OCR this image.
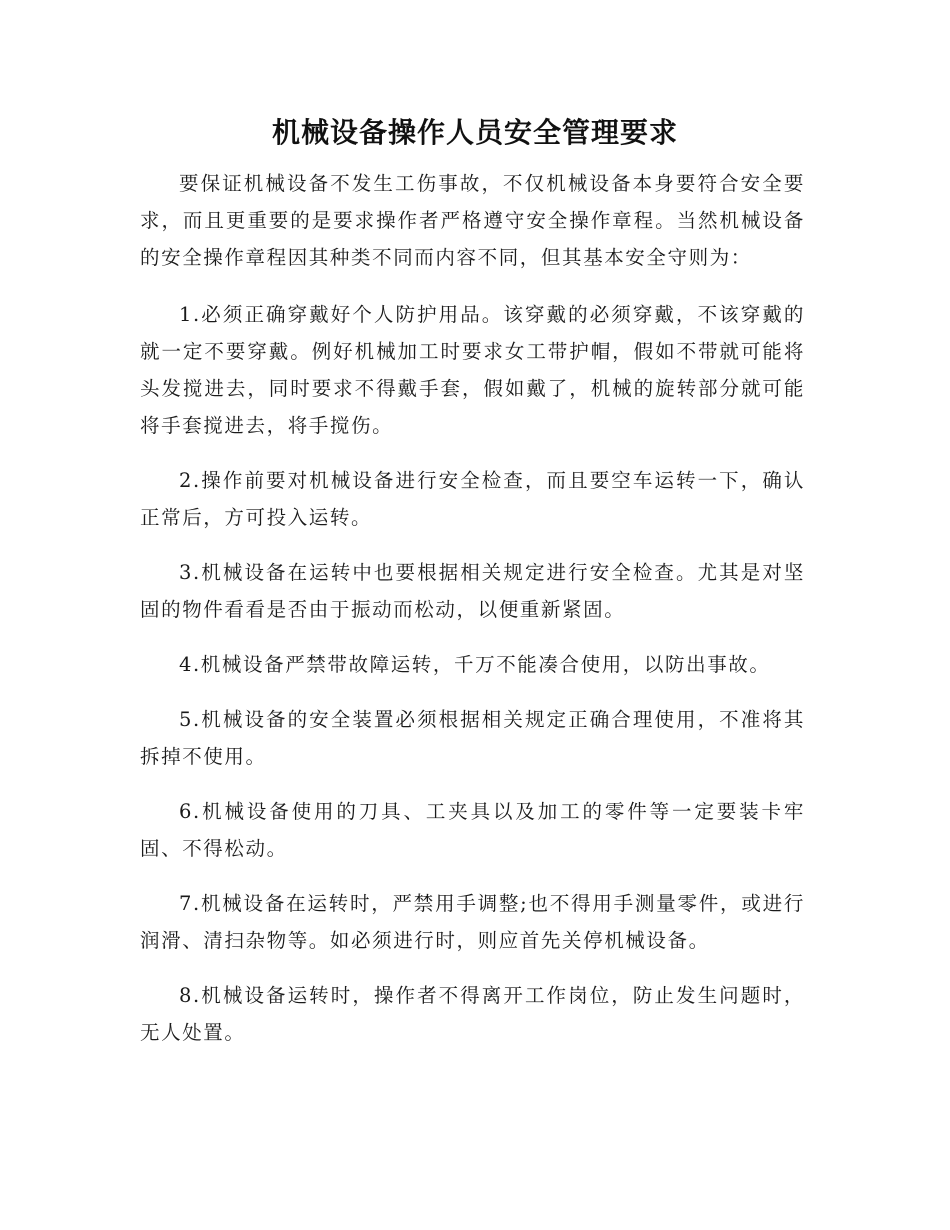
机械设备操作人员安全管理要求

要保证机械设备不发生工伤事故，不仅机械设备本身要符合安全要求，而且更重要的是要求操作者严格遵守安全操作章程。当然机械设备的安全操作章程因其种类不同而内容不同，但其基本安全守则为：

1.必须正确穿戴好个人防护用品。该穿戴的必须穿戴，不该穿戴的就一定不要穿戴。例好机械加工时要求女工带护帽，假如不带就可能将头发搅进去，同时要求不得戴手套，假如戴了，机械的旋转部分就可能将手套搅进去，将手搅伤。

2.操作前要对机械设备进行安全检查，而且要空车运转一下，确认正常后，方可投入运转。

3.机械设备在运转中也要根据相关规定进行安全检查。尤其是对坚固的物件看看是否由于振动而松动，以便重新紧固。

4.机械设备严禁带故障运转，千万不能凑合使用，以防出事故。

5.机械设备的安全装置必须根据相关规定正确合理使用，不准将其拆掉不使用。

6.机械设备使用的刀具、工夹具以及加工的零件等一定要装卡牢固、不得松动。

7.机械设备在运转时，严禁用手调整;也不得用手测量零件，或进行润滑、清扫杂物等。如必须进行时，则应首先关停机械设备。

8.机械设备运转时，操作者不得离开工作岗位，防止发生问题时，无人处置。
